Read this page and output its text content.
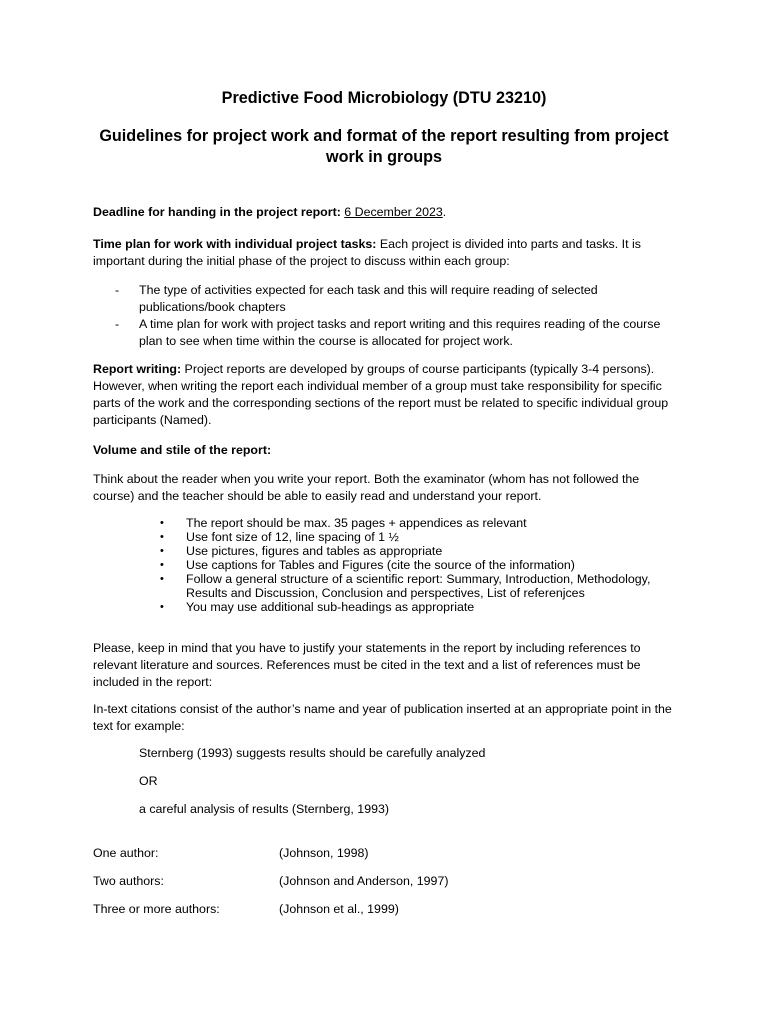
Predictive Food Microbiology (DTU 23210)
Guidelines for project work and format of the report resulting from project work in groups

Deadline for handing in the project report: 6 December 2023.

Time plan for work with individual project tasks: Each project is divided into parts and tasks. It is important during the initial phase of the project to discuss within each group:

- The type of activities expected for each task and this will require reading of selected publications/book chapters
- A time plan for work with project tasks and report writing and this requires reading of the course plan to see when time within the course is allocated for project work.

Report writing: Project reports are developed by groups of course participants (typically 3-4 persons). However, when writing the report each individual member of a group must take responsibility for specific parts of the work and the corresponding sections of the report must be related to specific individual group participants (Named).

Volume and stile of the report:

Think about the reader when you write your report. Both the examinator (whom has not followed the course) and the teacher should be able to easily read and understand your report.

• The report should be max. 35 pages + appendices as relevant
• Use font size of 12, line spacing of 1 ½
• Use pictures, figures and tables as appropriate
• Use captions for Tables and Figures (cite the source of the information)
• Follow a general structure of a scientific report: Summary, Introduction, Methodology, Results and Discussion, Conclusion and perspectives, List of referenjces
• You may use additional sub-headings as appropriate

Please, keep in mind that you have to justify your statements in the report by including references to relevant literature and sources. References must be cited in the text and a list of references must be included in the report:

In-text citations consist of the author’s name and year of publication inserted at an appropriate point in the text for example:

Sternberg (1993) suggests results should be carefully analyzed

OR

a careful analysis of results (Sternberg, 1993)

One author:	(Johnson, 1998)
Two authors:	(Johnson and Anderson, 1997)
Three or more authors:	(Johnson et al., 1999)
